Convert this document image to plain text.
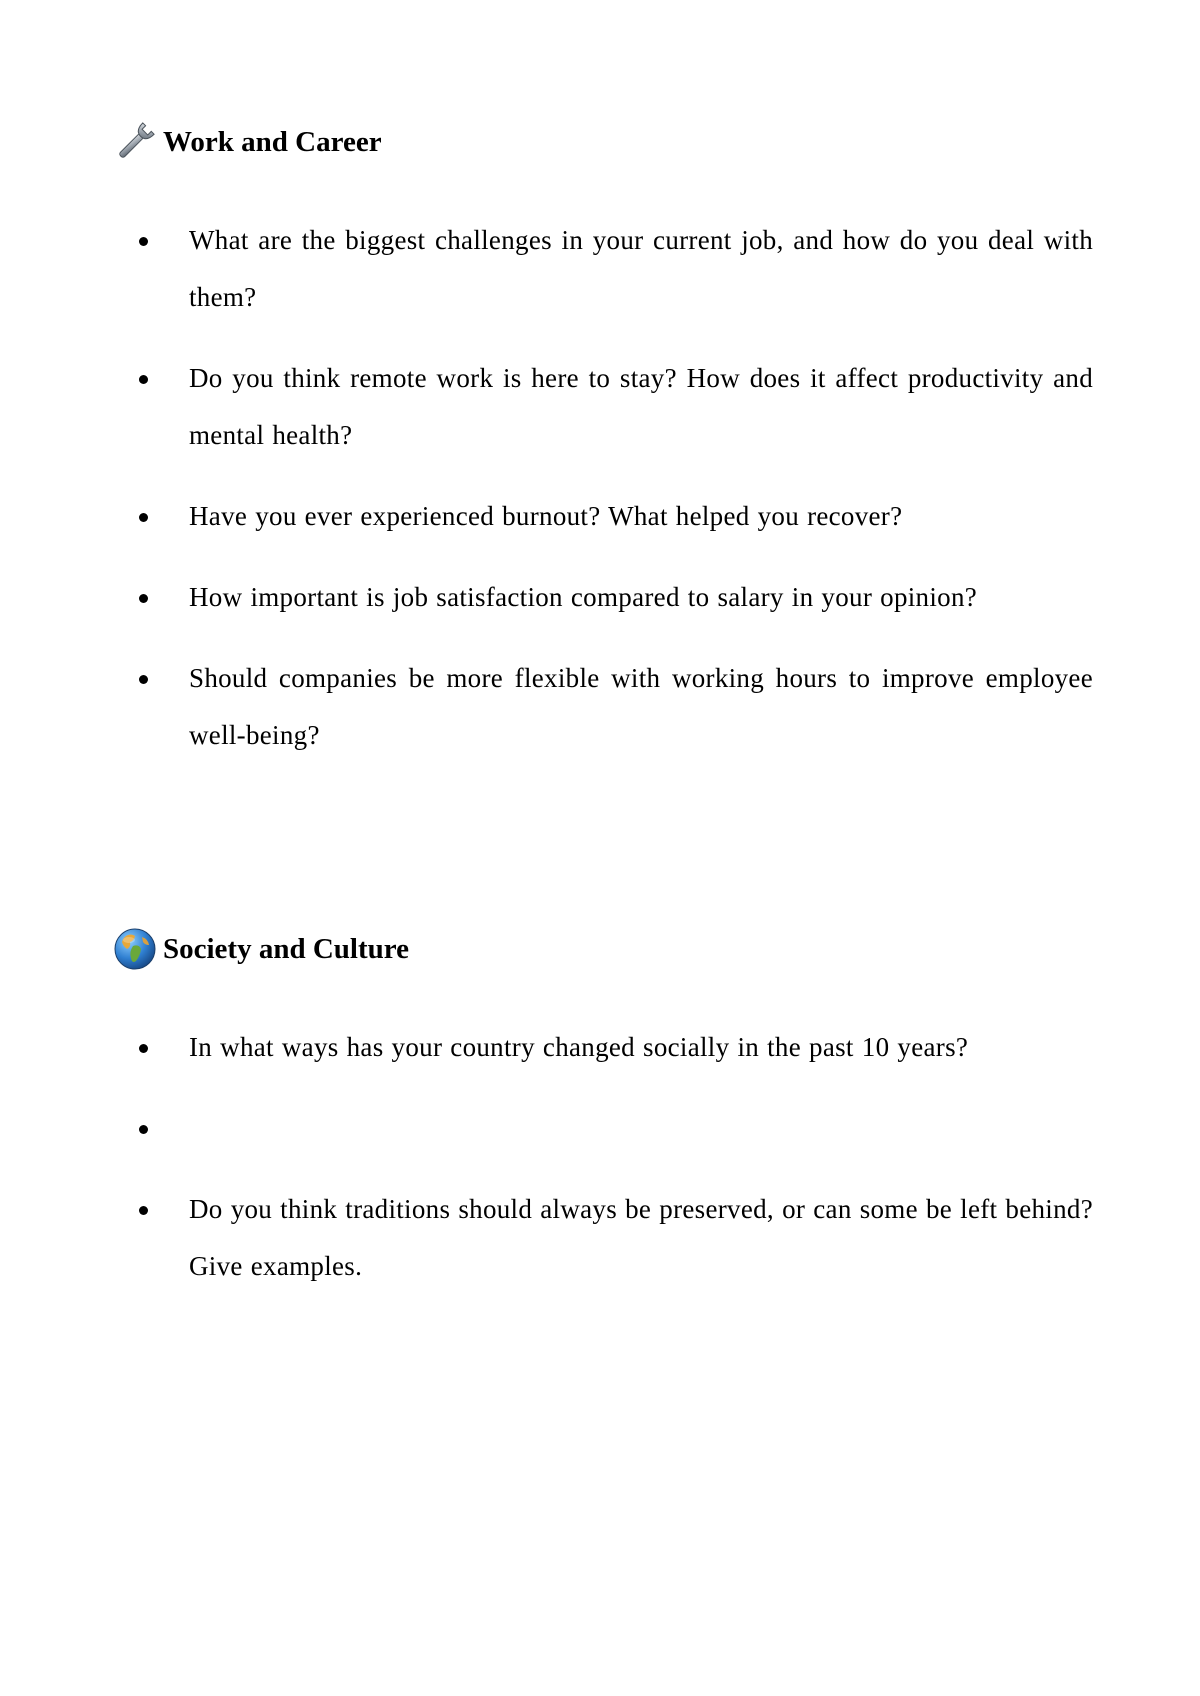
Work and Career
What are the biggest challenges in your current job, and how do you deal with them?
Do you think remote work is here to stay? How does it affect productivity and mental health?
Have you ever experienced burnout? What helped you recover?
How important is job satisfaction compared to salary in your opinion?
Should companies be more flexible with working hours to improve employee well-being?
Society and Culture
In what ways has your country changed socially in the past 10 years?
Do you think traditions should always be preserved, or can some be left behind? Give examples.
